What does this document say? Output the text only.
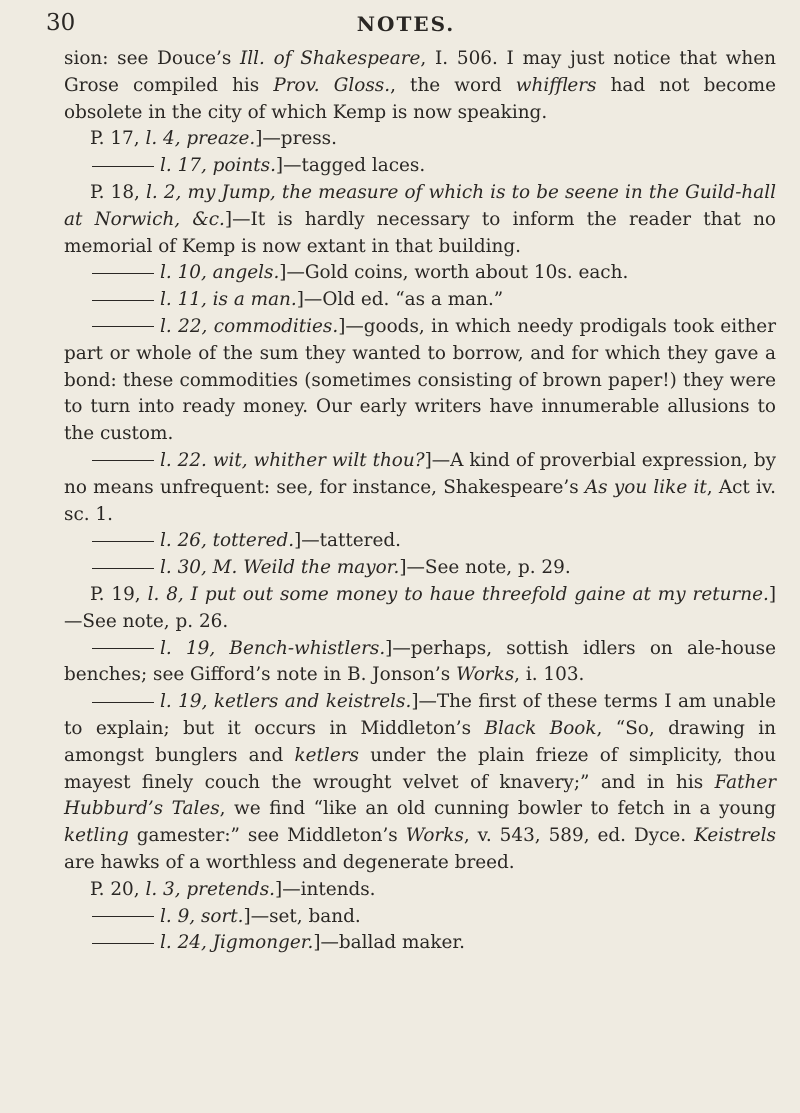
30	NOTES.

sion: see Douce’s Ill. of Shakespeare, I. 506. I may just notice that when Grose compiled his Prov. Gloss., the word whifflers had not become obsolete in the city of which Kemp is now speaking.

P. 17, l. 4, preaze.]—press.

l. 17, points.]—tagged laces.

P. 18, l. 2, my Jump, the measure of which is to be seene in the Guild-hall at Norwich, &c.]—It is hardly necessary to inform the reader that no memorial of Kemp is now extant in that building.

l. 10, angels.]—Gold coins, worth about 10s. each.

l. 11, is a man.]—Old ed. “as a man.”

l. 22, commodities.]—goods, in which needy prodigals took either part or whole of the sum they wanted to borrow, and for which they gave a bond: these commodities (sometimes consisting of brown paper!) they were to turn into ready money. Our early writers have innumerable allusions to the custom.

l. 22. wit, whither wilt thou?]—A kind of proverbial expression, by no means unfrequent: see, for instance, Shakespeare’s As you like it, Act iv. sc. 1.

l. 26, tottered.]—tattered.

l. 30, M. Weild the mayor.]—See note, p. 29.

P. 19, l. 8, I put out some money to haue threefold gaine at my returne.]—See note, p. 26.

l. 19, Bench-whistlers.]—perhaps, sottish idlers on ale-house benches; see Gifford’s note in B. Jonson’s Works, i. 103.

l. 19, ketlers and keistrels.]—The first of these terms I am unable to explain; but it occurs in Middleton’s Black Book, “So, drawing in amongst bunglers and ketlers under the plain frieze of simplicity, thou mayest finely couch the wrought velvet of knavery;” and in his Father Hubburd’s Tales, we find “like an old cunning bowler to fetch in a young ketling gamester:” see Middleton’s Works, v. 543, 589, ed. Dyce. Keistrels are hawks of a worthless and degenerate breed.

P. 20, l. 3, pretends.]—intends.

l. 9, sort.]—set, band.

l. 24, Jigmonger.]—ballad maker.
